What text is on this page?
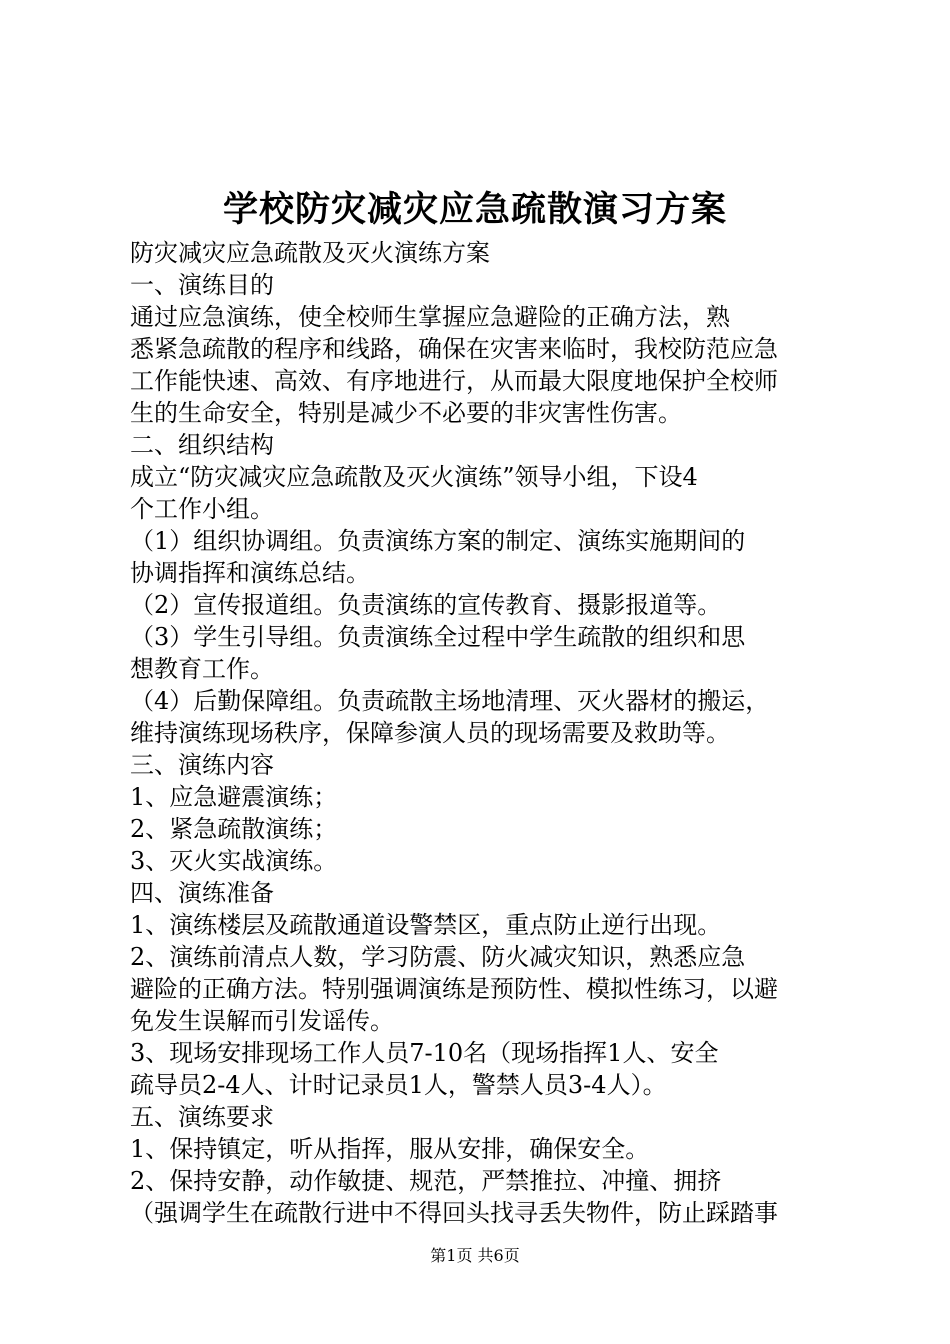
学校防灾减灾应急疏散演习方案
防灾减灾应急疏散及灭火演练方案
一、演练目的
通过应急演练，使全校师生掌握应急避险的正确方法，熟
悉紧急疏散的程序和线路，确保在灾害来临时，我校防范应急
工作能快速、高效、有序地进行，从而最大限度地保护全校师
生的生命安全，特别是减少不必要的非灾害性伤害。
二、组织结构
成立“防灾减灾应急疏散及灭火演练”领导小组，下设4
个工作小组。
（1）组织协调组。负责演练方案的制定、演练实施期间的
协调指挥和演练总结。
（2）宣传报道组。负责演练的宣传教育、摄影报道等。
（3）学生引导组。负责演练全过程中学生疏散的组织和思
想教育工作。
（4）后勤保障组。负责疏散主场地清理、灭火器材的搬运，
维持演练现场秩序，保障参演人员的现场需要及救助等。
三、演练内容
1、应急避震演练；
2、紧急疏散演练；
3、灭火实战演练。
四、演练准备
1、演练楼层及疏散通道设警禁区，重点防止逆行出现。
2、演练前清点人数，学习防震、防火减灾知识，熟悉应急
避险的正确方法。特别强调演练是预防性、模拟性练习，以避
免发生误解而引发谣传。
3、现场安排现场工作人员7-10名（现场指挥1人、安全
疏导员2-4人、计时记录员1人，警禁人员3-4人）。
五、演练要求
1、保持镇定，听从指挥，服从安排，确保安全。
2、保持安静，动作敏捷、规范，严禁推拉、冲撞、拥挤
（强调学生在疏散行进中不得回头找寻丢失物件，防止踩踏事
第1页 共6页
